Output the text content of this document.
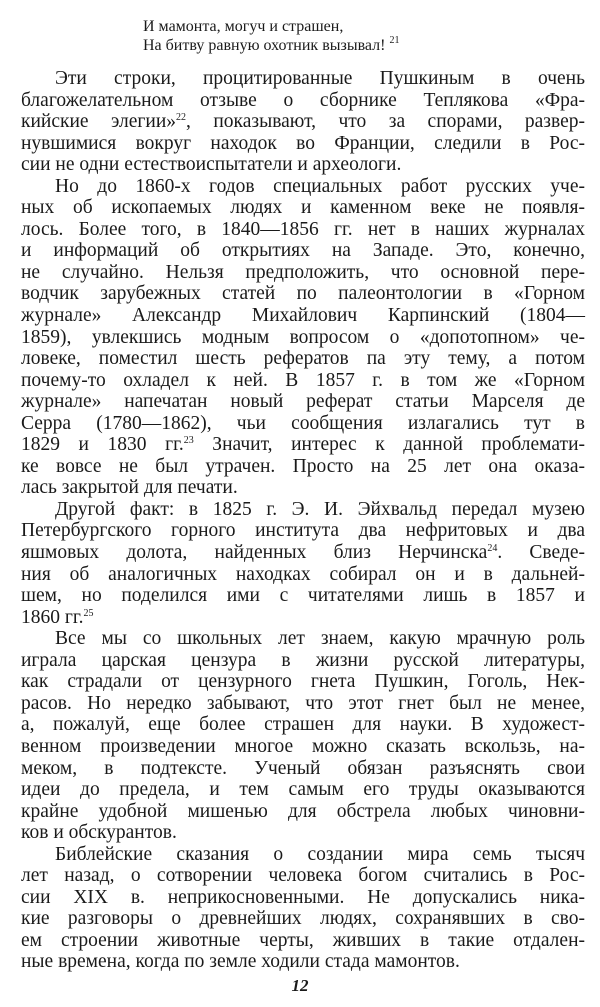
И мамонта, могуч и страшен,
На битву равную охотник вызывал! $^{21}$
Эти строки, процитированные Пушкиным в очень
благожелательном отзыве о сборнике Теплякова «Фра-
кийские элегии»$^{22}$, показывают, что за спорами, развер-
нувшимися вокруг находок во Франции, следили в Рос-
сии не одни естествоиспытатели и археологи.
Но до 1860-х годов специальных работ русских уче-
ных об ископаемых людях и каменном веке не появля-
лось. Более того, в 1840—1856 гг. нет в наших журналах
и информаций об открытиях на Западе. Это, конечно,
не случайно. Нельзя предположить, что основной пере-
водчик зарубежных статей по палеонтологии в «Горном
журнале» Александр Михайлович Карпинский (1804—
1859), увлекшись модным вопросом о «допотопном» че-
ловеке, поместил шесть рефератов па эту тему, а потом
почему-то охладел к ней. В 1857 г. в том же «Горном
журнале» напечатан новый реферат статьи Марселя де
Серра (1780—1862), чьи сообщения излагались тут в
1829 и 1830 гг.$^{23}$ Значит, интерес к данной проблемати-
ке вовсе не был утрачен. Просто на 25 лет она оказа-
лась закрытой для печати.
Другой факт: в 1825 г. Э. И. Эйхвальд передал музею
Петербургского горного института два нефритовых и два
яшмовых долота, найденных близ Нерчинска$^{24}$. Сведе-
ния об аналогичных находках собирал он и в дальней-
шем, но поделился ими с читателями лишь в 1857 и
1860 гг.$^{25}$
Все мы со школьных лет знаем, какую мрачную роль
играла царская цензура в жизни русской литературы,
как страдали от цензурного гнета Пушкин, Гоголь, Нек-
расов. Но нередко забывают, что этот гнет был не менее,
а, пожалуй, еще более страшен для науки. В художест-
венном произведении многое можно сказать вскользь, на-
меком, в подтексте. Ученый обязан разъяснять свои
идеи до предела, и тем самым его труды оказываются
крайне удобной мишенью для обстрела любых чиновни-
ков и обскурантов.
Библейские сказания о создании мира семь тысяч
лет назад, о сотворении человека богом считались в Рос-
сии XIX в. неприкосновенными. Не допускались ника-
кие разговоры о древнейших людях, сохранявших в сво-
ем строении животные черты, живших в такие отдален-
ные времена, когда по земле ходили стада мамонтов.
12
